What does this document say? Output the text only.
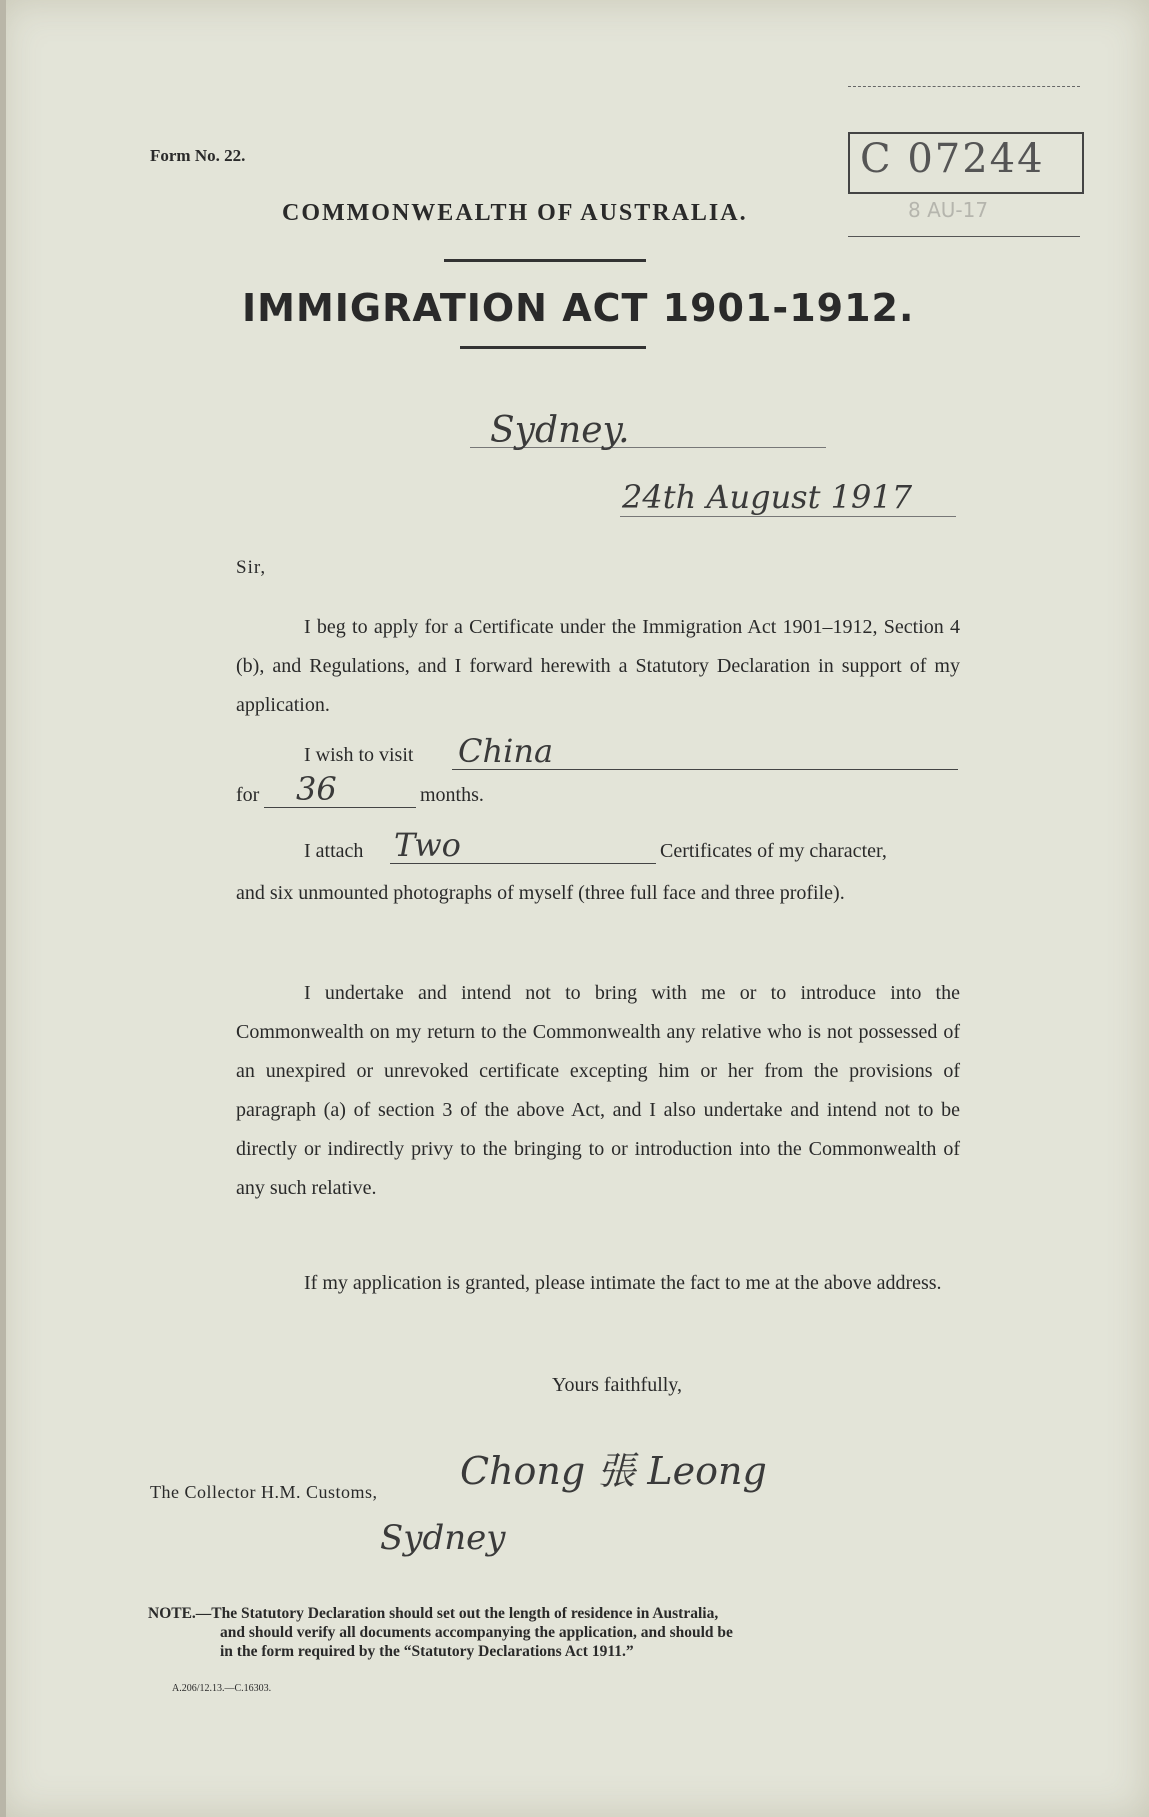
Form No. 22.
COMMONWEALTH OF AUSTRALIA.
IMMIGRATION ACT 1901-1912.
C 07244
8 AU-17
Sydney.
24th August 1917
Sir,
I beg to apply for a Certificate under the Immigration Act 1901–1912, Section 4 (b), and Regulations, and I forward herewith a Statutory Declaration in support of my application.
I wish to visit China
for 36	months.
I attach Two	Certificates of my character,
and six unmounted photographs of myself (three full face and three profile).
I undertake and intend not to bring with me or to introduce into the Commonwealth on my return to the Commonwealth any relative who is not possessed of an unexpired or unrevoked certificate excepting him or her from the provisions of paragraph (a) of section 3 of the above Act, and I also undertake and intend not to be directly or indirectly privy to the bringing to or introduction into the Commonwealth of any such relative.
If my application is granted, please intimate the fact to me at the above address.
Yours faithfully,
The Collector H.M. Customs, Chong 張 Leong
Sydney
NOTE.—The Statutory Declaration should set out the length of residence in Australia,
and should verify all documents accompanying the application, and should be
in the form required by the “Statutory Declarations Act 1911.”
A.206/12.13.—C.16303.
